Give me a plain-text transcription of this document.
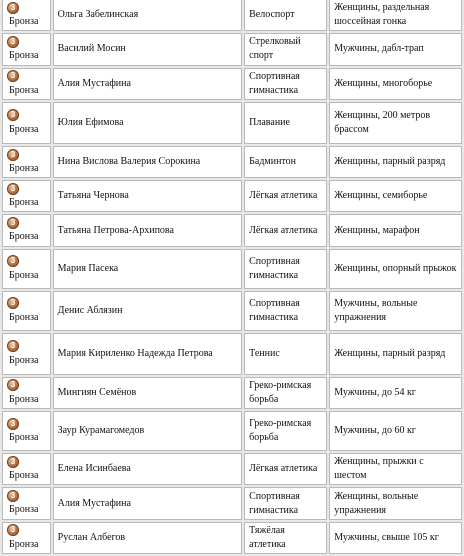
3Бронза	Ольга Забелинская	Велоспорт	Женщины, раздельная шоссейная гонка
3Бронза	Василий Мосин	Стрелковый спорт	Мужчины, дабл-трап
3Бронза	Алия Мустафина	Спортивная гимнастика	Женщины, многоборье
3Бронза	Юлия Ефимова	Плавание	Женщины, 200 метров брассом
3Бронза	Нина Вислова Валерия Сорокина	Бадминтон	Женщины, парный разряд
3Бронза	Татьяна Чернова	Лёгкая атлетика	Женщины, семиборье
3Бронза	Татьяна Петрова-Архипова	Лёгкая атлетика	Женщины, марафон
3Бронза	Мария Пасека	Спортивная гимнастика	Женщины, опорный прыжок
3Бронза	Денис Аблязин	Спортивная гимнастика	Мужчины, вольные упражнения
3Бронза	Мария Кириленко Надежда Петрова	Теннис	Женщины, парный разряд
3Бронза	Мингиян Семёнов	Греко-римская борьба	Мужчины, до 54 кг
3Бронза	Заур Курамагомедов	Греко-римская борьба	Мужчины, до 60 кг
3Бронза	Елена Исинбаева	Лёгкая атлетика	Женщины, прыжки с шестом
3Бронза	Алия Мустафина	Спортивная гимнастика	Женщины, вольные упражнения
3Бронза	Руслан Албегов	Тяжёлая атлетика	Мужчины, свыше 105 кг
